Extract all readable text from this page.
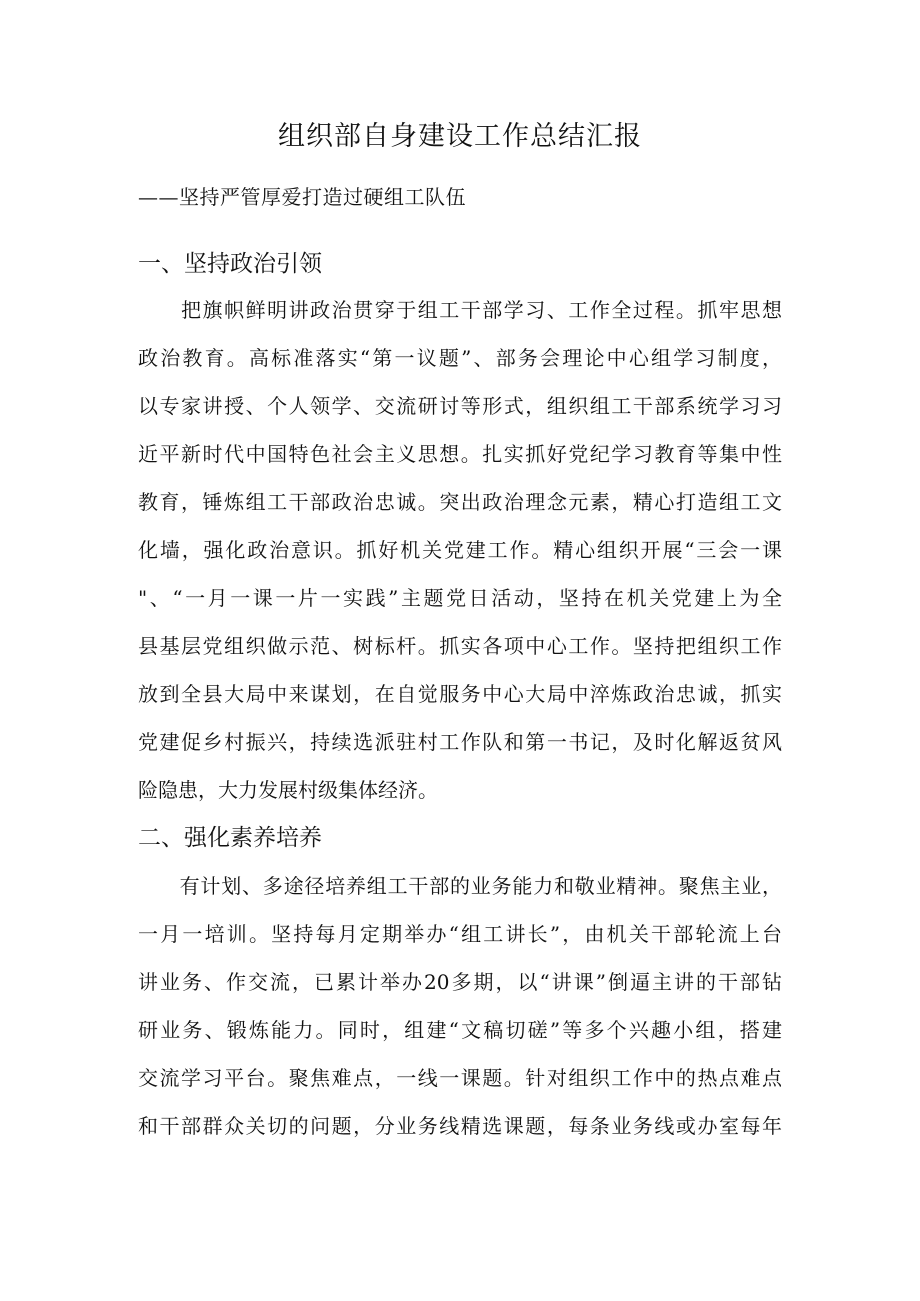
组织部自身建设工作总结汇报
——坚持严管厚爱打造过硬组工队伍
一、坚持政治引领
　　把旗帜鲜明讲政治贯穿于组工干部学习、工作全过程。抓牢思想
政治教育。高标准落实“第一议题”、部务会理论中心组学习制度，
以专家讲授、个人领学、交流研讨等形式，组织组工干部系统学习习
近平新时代中国特色社会主义思想。扎实抓好党纪学习教育等集中性
教育，锤炼组工干部政治忠诚。突出政治理念元素，精心打造组工文
化墙，强化政治意识。抓好机关党建工作。精心组织开展“三会一课
"、“一月一课一片一实践”主题党日活动，坚持在机关党建上为全
县基层党组织做示范、树标杆。抓实各项中心工作。坚持把组织工作
放到全县大局中来谋划，在自觉服务中心大局中淬炼政治忠诚，抓实
党建促乡村振兴，持续选派驻村工作队和第一书记，及时化解返贫风
险隐患，大力发展村级集体经济。
二、强化素养培养
　　有计划、多途径培养组工干部的业务能力和敬业精神。聚焦主业，
一月一培训。坚持每月定期举办“组工讲长”，由机关干部轮流上台
讲业务、作交流，已累计举办20多期，以“讲课”倒逼主讲的干部钻
研业务、锻炼能力。同时，组建“文稿切磋”等多个兴趣小组，搭建
交流学习平台。聚焦难点，一线一课题。针对组织工作中的热点难点
和干部群众关切的问题，分业务线精选课题，每条业务线或办室每年
